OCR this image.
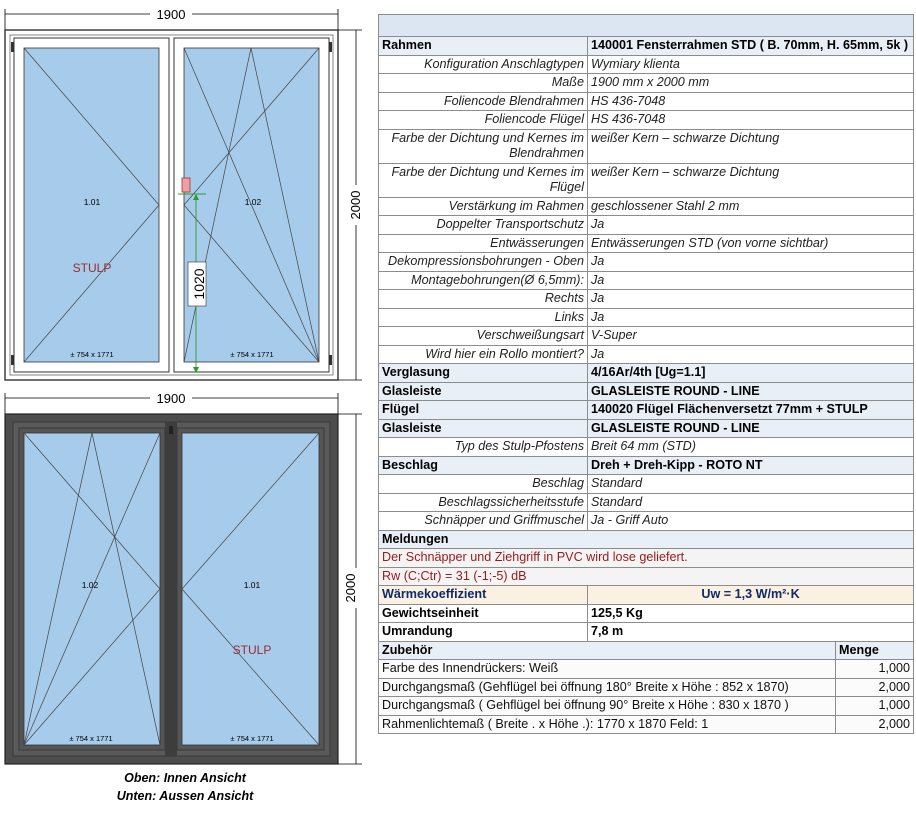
1900
1020
1.01	1.02
STULP
± 754 x 1771	± 754 x 1771
2000
1900
1.02	1.01
STULP
± 754 x 1771	± 754 x 1771
2000
Oben: Innen Ansicht
Unten: Aussen Ansicht

Rahmen	140001 Fensterrahmen STD ( B. 70mm, H. 65mm, 5k )	
Konfiguration Anschlagtypen	Wymiary klienta	
Maße	1900 mm x 2000 mm	
Foliencode Blendrahmen	HS 436-7048	
Foliencode Flügel	HS 436-7048	
Farbe der Dichtung und Kernes im Blendrahmen	weißer Kern – schwarze Dichtung	
Farbe der Dichtung und Kernes im Flügel	weißer Kern – schwarze Dichtung	
Verstärkung im Rahmen	geschlossener Stahl 2 mm	
Doppelter Transportschutz	Ja	
Entwässerungen	Entwässerungen STD (von vorne sichtbar)	
Dekompressionsbohrungen - Oben	Ja	
Montagebohrungen(Ø 6,5mm):	Ja	
Rechts	Ja	
Links	Ja	
Verschweißungsart	V-Super	
Wird hier ein Rollo montiert?	Ja	
Verglasung	4/16Ar/4th [Ug=1.1]	
Glasleiste	GLASLEISTE ROUND - LINE	
Flügel	140020 Flügel Flächenversetzt 77mm + STULP	
Glasleiste	GLASLEISTE ROUND - LINE	
Typ des Stulp-Pfostens	Breit 64 mm (STD)	
Beschlag	Dreh + Dreh-Kipp - ROTO NT	
Beschlag	Standard	
Beschlagssicherheitsstufe	Standard	
Schnäpper und Griffmuschel	Ja - Griff Auto	
Meldungen		
Der Schnäpper und Ziehgriff in PVC wird lose geliefert.		
Rw (C;Ctr) = 31 (-1;-5) dB		
Wärmekoeffizient	Uw = 1,3 W/m²·K	
Gewichtseinheit	125,5 Kg	
Umrandung	7,8 m	
Zubehör		Menge
Farbe des Innendrückers: Weiß		1,000
Durchgangsmaß (Gehflügel bei öffnung 180° Breite x Höhe : 852 x 1870)		2,000
Durchgangsmaß ( Gehflügel bei öffnung 90° Breite x Höhe : 830 x 1870 )		1,000
Rahmenlichtemaß ( Breite . x Höhe .): 1770 x 1870 Feld: 1		2,000
